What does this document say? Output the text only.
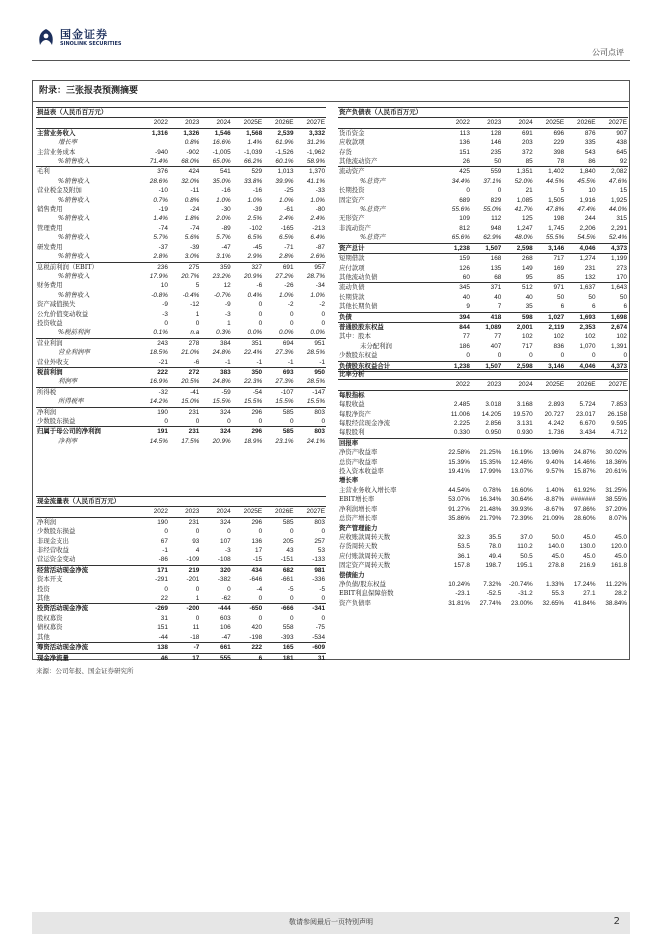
国金证券
SINOLINK SECURITIES
公司点评
附录：三张报表预测摘要
损益表（人民币百万元）						
	2022	2023	2024	2025E	2026E	2027E
主营业务收入	1,316	1,326	1,546	1,568	2,539	3,332
增长率		0.8%	16.6%	1.4%	61.9%	31.2%
主营业务成本	-940	-902	-1,005	-1,039	-1,526	-1,962
%销售收入	71.4%	68.0%	65.0%	66.2%	60.1%	58.9%
毛利	376	424	541	529	1,013	1,370
%销售收入	28.6%	32.0%	35.0%	33.8%	39.9%	41.1%
营业税金及附加	-10	-11	-16	-16	-25	-33
%销售收入	0.7%	0.8%	1.0%	1.0%	1.0%	1.0%
销售费用	-19	-24	-30	-39	-61	-80
%销售收入	1.4%	1.8%	2.0%	2.5%	2.4%	2.4%
管理费用	-74	-74	-89	-102	-165	-213
%销售收入	5.7%	5.6%	5.7%	6.5%	6.5%	6.4%
研发费用	-37	-39	-47	-45	-71	-87
%销售收入	2.8%	3.0%	3.1%	2.9%	2.8%	2.6%
息税前利润（EBIT）	236	275	359	327	691	957
%销售收入	17.9%	20.7%	23.2%	20.9%	27.2%	28.7%
财务费用	10	5	12	-6	-26	-34
%销售收入	-0.8%	-0.4%	-0.7%	0.4%	1.0%	1.0%
资产减值损失	-9	-12	-9	0	-2	-2
公允价值变动收益	-3	1	-3	0	0	0
投资收益	0	0	1	0	0	0
%税前利润	0.1%	n.a	0.3%	0.0%	0.0%	0.0%
营业利润	243	278	384	351	694	951
营业利润率	18.5%	21.0%	24.8%	22.4%	27.3%	28.5%
营业外收支	-21	-6	-1	-1	-1	-1
税前利润	222	272	383	350	693	950
利润率	16.9%	20.5%	24.8%	22.3%	27.3%	28.5%
所得税	-32	-41	-59	-54	-107	-147
所得税率	14.2%	15.0%	15.5%	15.5%	15.5%	15.5%
净利润	190	231	324	296	585	803
少数股东损益	0	0	0	0	0	0
归属于母公司的净利润	191	231	324	296	585	803
净利率	14.5%	17.5%	20.9%	18.9%	23.1%	24.1%
现金流量表（人民币百万元）						
	2022	2023	2024	2025E	2026E	2027E
净利润	190	231	324	296	585	803
少数股东损益	0	0	0	0	0	0
非现金支出	67	93	107	136	205	257
非经营收益	-1	4	-3	17	43	53
营运资金变动	-86	-109	-108	-15	-151	-133
经营活动现金净流	171	219	320	434	682	981
资本开支	-291	-201	-382	-646	-661	-336
投资	0	0	0	-4	-5	-5
其他	22	1	-62	0	0	0
投资活动现金净流	-269	-200	-444	-650	-666	-341
股权募资	31	0	603	0	0	0
债权募资	151	11	106	420	558	-75
其他	-44	-18	-47	-198	-393	-534
筹资活动现金净流	138	-7	661	222	165	-609
现金净流量	46	17	555	6	181	31
资产负债表（人民币百万元）						
	2022	2023	2024	2025E	2026E	2027E
货币资金	113	128	691	696	876	907
应收款项	136	146	203	229	335	438
存货	151	235	372	398	543	645
其他流动资产	26	50	85	78	86	92
流动资产	425	559	1,351	1,402	1,840	2,082
%总资产	34.4%	37.1%	52.0%	44.5%	45.5%	47.6%
长期投资	0	0	21	5	10	15
固定资产	689	829	1,085	1,505	1,916	1,925
%总资产	55.6%	55.0%	41.7%	47.8%	47.4%	44.0%
无形资产	109	112	125	198	244	315
非流动资产	812	948	1,247	1,745	2,206	2,291
%总资产	65.6%	62.9%	48.0%	55.5%	54.5%	52.4%
资产总计	1,238	1,507	2,598	3,146	4,046	4,373
短期借款	159	168	268	717	1,274	1,199
应付款项	126	135	149	169	231	273
其他流动负债	60	68	95	85	132	170
流动负债	345	371	512	971	1,637	1,643
长期贷款	40	40	40	50	50	50
其他长期负债	9	7	35	6	6	6
负债	394	418	598	1,027	1,693	1,698
普通股股东权益	844	1,089	2,001	2,119	2,353	2,674
其中：股本	77	77	102	102	102	102
未分配利润	186	407	717	836	1,070	1,391
少数股东权益	0	0	0	0	0	0
负债股东权益合计	1,238	1,507	2,598	3,146	4,046	4,373
比率分析						
	2022	2023	2024	2025E	2026E	2027E
每股指标						
每股收益	2.485	3.018	3.168	2.893	5.724	7.853
每股净资产	11.006	14.205	19.570	20.727	23.017	26.158
每股经营现金净流	2.225	2.856	3.131	4.242	6.670	9.595
每股股利	0.330	0.950	0.930	1.736	3.434	4.712
回报率						
净资产收益率	22.58%	21.25%	16.19%	13.96%	24.87%	30.02%
总资产收益率	15.39%	15.35%	12.46%	9.40%	14.46%	18.36%
投入资本收益率	19.41%	17.99%	13.07%	9.57%	15.87%	20.61%
增长率						
主营业务收入增长率	44.54%	0.78%	16.60%	1.40%	61.92%	31.25%
EBIT增长率	53.07%	16.34%	30.64%	-8.87%	#######	38.55%
净利润增长率	91.27%	21.48%	39.93%	-8.67%	97.86%	37.20%
总资产增长率	35.86%	21.79%	72.39%	21.09%	28.60%	8.07%
资产管理能力						
应收账款周转天数	32.3	35.5	37.0	50.0	45.0	45.0
存货周转天数	53.5	78.0	110.2	140.0	130.0	120.0
应付账款周转天数	36.1	49.4	50.5	45.0	45.0	45.0
固定资产周转天数	157.8	198.7	195.1	278.8	216.9	161.8
偿债能力						
净负债/股东权益	10.24%	7.32%	-20.74%	1.33%	17.24%	11.22%
EBIT利息保障倍数	-23.1	-52.5	-31.2	55.3	27.1	28.2
资产负债率	31.81%	27.74%	23.00%	32.65%	41.84%	38.84%
来源：公司年报、国金证券研究所
敬请参阅最后一页特别声明	2
